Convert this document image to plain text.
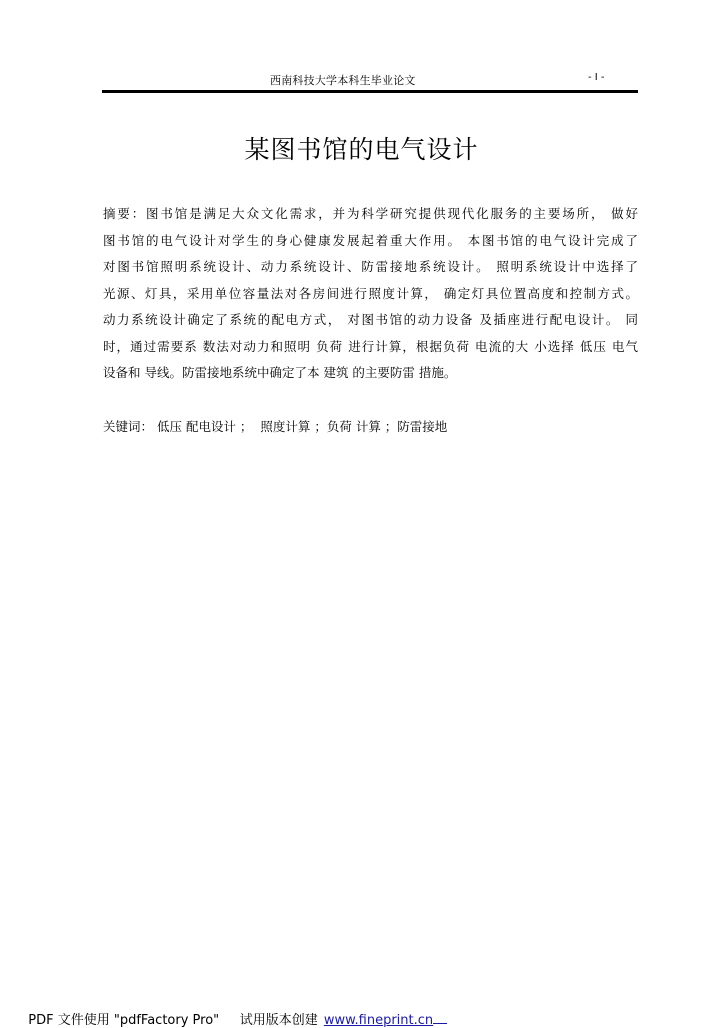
西南科技大学本科生毕业论文	- I -
某图书馆的电气设计
摘要：图书馆是满足大众文化需求，并为科学研究提供现代化服务的主要场所， 做好
图书馆的电气设计对学生的身心健康发展起着重大作用。 本图书馆的电气设计完成了
对图书馆照明系统设计、动力系统设计、防雷接地系统设计。 照明系统设计中选择了
光源、灯具，采用单位容量法对各房间进行照度计算， 确定灯具位置高度和控制方式。
动力系统设计确定了系统的配电方式， 对图书馆的动力设备 及插座进行配电设计。 同
时，通过需要系 数法对动力和照明 负荷 进行计算，根据负荷 电流的大 小选择 低压 电气
设备和 导线。防雷接地系统中确定了本 建筑 的主要防雷 措施。
关键词： 低压 配电设计 ；  照度计算 ；负荷 计算 ；防雷接地

PDF 文件使用 "pdfFactory Pro"     试用版本创建 www.fineprint.cn
